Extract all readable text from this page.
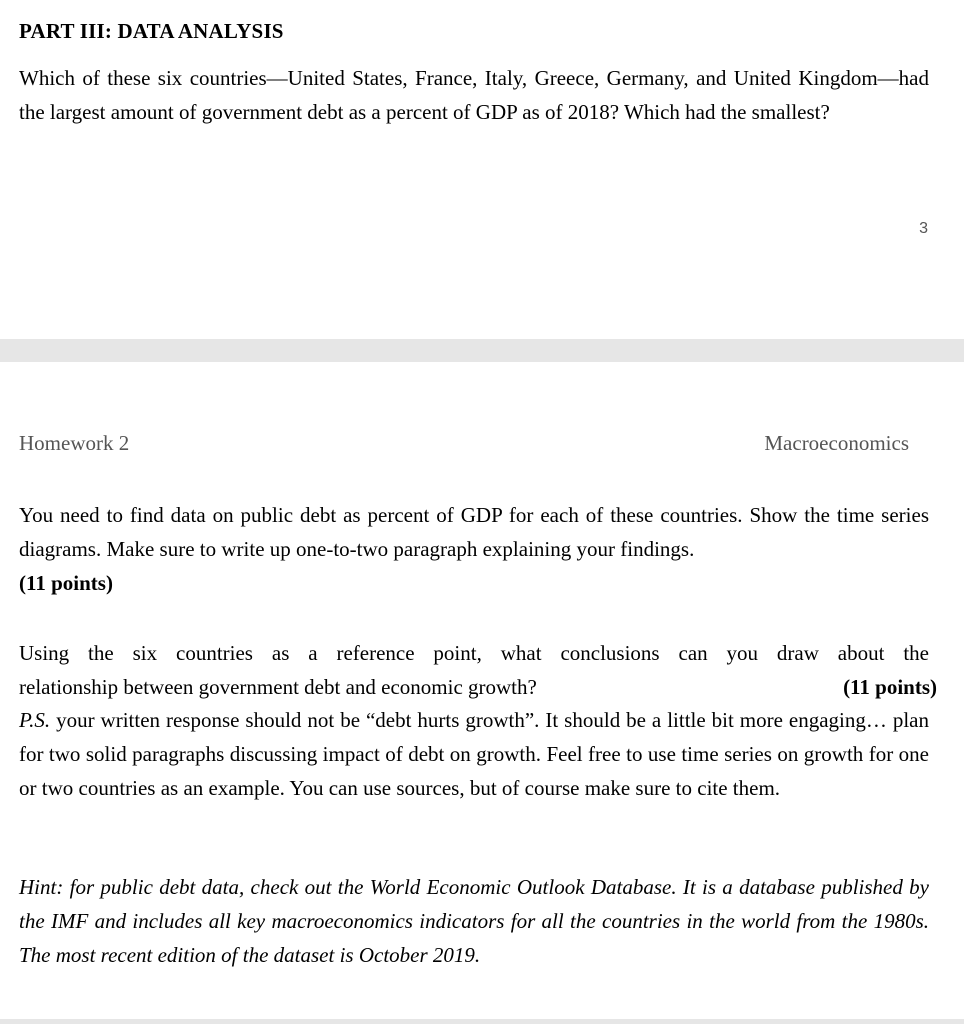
PART III: DATA ANALYSIS

Which of these six countries—United States, France, Italy, Greece, Germany, and United Kingdom—had the largest amount of government debt as a percent of GDP as of 2018? Which had the smallest?

3
Homework 2	Macroeconomics

You need to find data on public debt as percent of GDP for each of these countries. Show the time series diagrams. Make sure to write up one-to-two paragraph explaining your findings.
(11 points)

Using the six countries as a reference point, what conclusions can you draw about the
relationship between government debt and economic growth?	(11 points)

P.S. your written response should not be “debt hurts growth”. It should be a little bit more engaging… plan for two solid paragraphs discussing impact of debt on growth. Feel free to use time series on growth for one or two countries as an example. You can use sources, but of course make sure to cite them.

Hint: for public debt data, check out the World Economic Outlook Database. It is a database published by the IMF and includes all key macroeconomics indicators for all the countries in the world from the 1980s. The most recent edition of the dataset is October 2019.
